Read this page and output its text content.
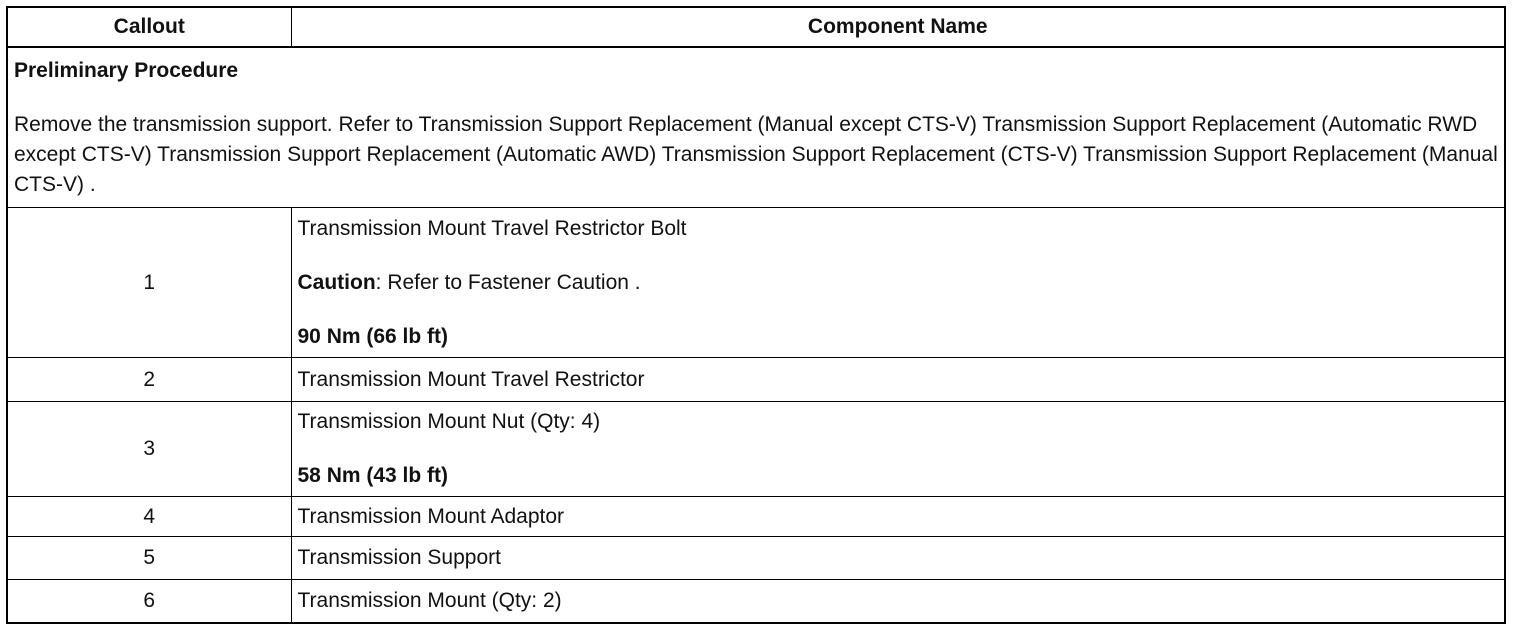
Callout	Component Name

Preliminary Procedure
Remove the transmission support. Refer to Transmission Support Replacement (Manual except CTS-V) Transmission Support Replacement (Automatic RWD except CTS-V) Transmission Support Replacement (Automatic AWD) Transmission Support Replacement (CTS-V) Transmission Support Replacement (Manual CTS-V) .	

1	Transmission Mount Travel Restrictor Bolt
Caution: Refer to Fastener Caution .
90 Nm (66 lb ft)

2	Transmission Mount Travel Restrictor
3	Transmission Mount Nut (Qty: 4)
58 Nm (43 lb ft)

4	Transmission Mount Adaptor
5	Transmission Support
6	Transmission Mount (Qty: 2)
